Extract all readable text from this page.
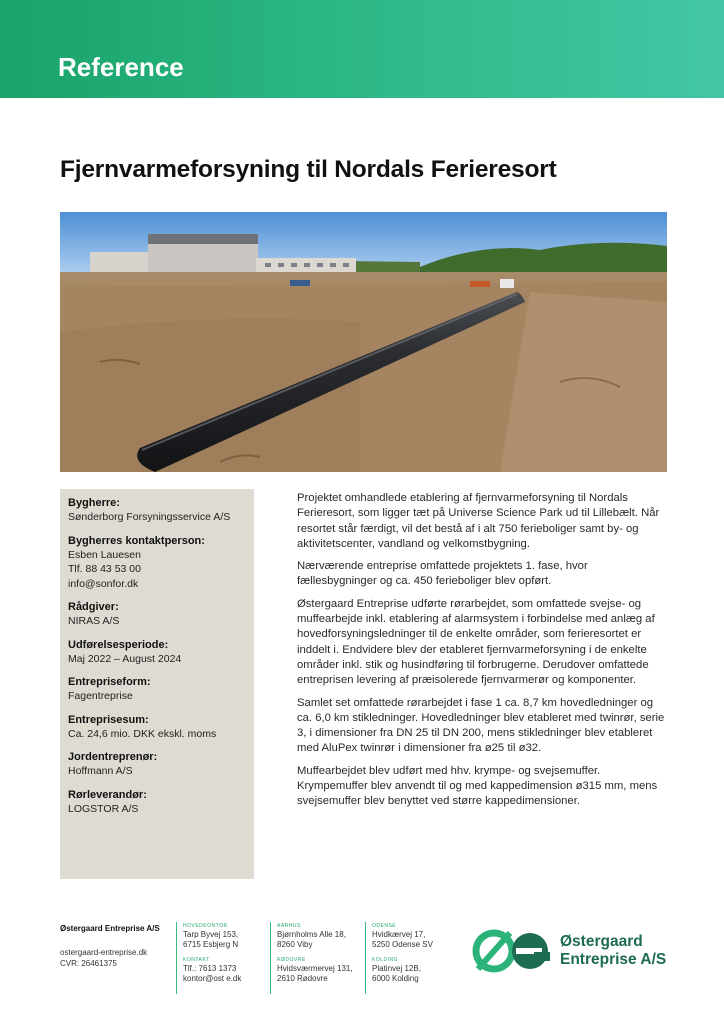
Reference
Fjernvarmeforsyning til Nordals Ferieresort
Bygherre:
Sønderborg Forsyningsservice A/S
Bygherres kontaktperson:
Esben Lauesen
Tlf. 88 43 53 00
info@sonfor.dk
Rådgiver:
NIRAS A/S
Udførelsesperiode:
Maj 2022 – August 2024
Entrepriseform:
Fagentreprise
Entreprisesum:
Ca. 24,6 mio. DKK ekskl. moms
Jordentreprenør:
Hoffmann A/S
Rørleverandør:
LOGSTOR A/S

Projektet omhandlede etablering af fjernvarmeforsyning til Nordals Ferieresort, som ligger tæt på Universe Science Park ud til Lillebælt. Når resortet står færdigt, vil det bestå af i alt 750 ferieboliger samt by- og aktivitetscenter, vandland og velkomstbygning.

Nærværende entreprise omfattede projektets 1. fase, hvor fællesbygninger og ca. 450 ferieboliger blev opført.

Østergaard Entreprise udførte rørarbejdet, som omfattede svejse- og muffearbejde inkl. etablering af alarmsystem i forbindelse med anlæg af hovedforsyningsledninger til de enkelte områder, som ferieresortet er inddelt i. Endvidere blev der etableret fjernvarmeforsyning i de enkelte områder inkl. stik og husindføring til forbrugerne. Derudover omfattede entreprisen levering af præisolerede fjernvarmerør og komponenter.

Samlet set omfattede rørarbejdet i fase 1 ca. 8,7 km hovedledninger og ca. 6,0 km stikledninger. Hovedledninger blev etableret med twinrør, serie 3, i dimensioner fra DN 25 til DN 200, mens stikledninger blev etableret med AluPex twinrør i dimensioner fra ø25 til ø32.

Muffearbejdet blev udført med hhv. krympe- og svejsemuffer. Krympemuffer blev anvendt til og med kappedimension ø315 mm, mens svejsemuffer blev benyttet ved større kappedimensioner.

Østergaard Entreprise A/S
ostergaard-entreprise.dk
CVR: 26461375
HOVEDKONTOR
Tarp Byvej 153,
6715 Esbjerg N
KONTAKT
Tlf.: 7613 1373
kontor@ost e.dk
AARHUS
Bjørnholms Alle 18,
8260 Viby
RØDOVRE
Hvidsværmervej 131,
2610 Rødovre
ODENSE
Hvidkærvej 17,
5250 Odense SV
KOLDING
Platinvej 12B,
6000 Kolding
Østergaard
Entreprise A/S
